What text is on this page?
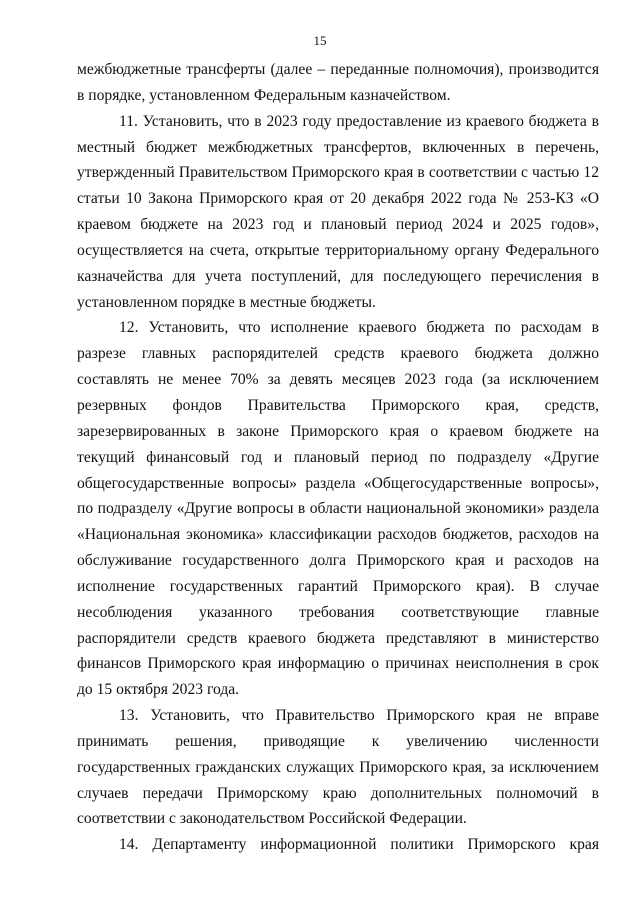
15

межбюджетные трансферты (далее – переданные полномочия), производится в порядке, установленном Федеральным казначейством.

11. Установить, что в 2023 году предоставление из краевого бюджета в местный бюджет межбюджетных трансфертов, включенных в перечень, утвержденный Правительством Приморского края в соответствии с частью 12 статьи 10 Закона Приморского края от 20 декабря 2022 года № 253-КЗ «О краевом бюджете на 2023 год и плановый период 2024 и 2025 годов», осуществляется на счета, открытые территориальному органу Федерального казначейства для учета поступлений, для последующего перечисления в установленном порядке в местные бюджеты.

12. Установить, что исполнение краевого бюджета по расходам в разрезе главных распорядителей средств краевого бюджета должно составлять не менее 70% за девять месяцев 2023 года (за исключением резервных фондов Правительства Приморского края, средств, зарезервированных в законе Приморского края о краевом бюджете на текущий финансовый год и плановый период по подразделу «Другие общегосударственные вопросы» раздела «Общегосударственные вопросы», по подразделу «Другие вопросы в области национальной экономики» раздела «Национальная экономика» классификации расходов бюджетов, расходов на обслуживание государственного долга Приморского края и расходов на исполнение государственных гарантий Приморского края). В случае несоблюдения указанного требования соответствующие главные распорядители средств краевого бюджета представляют в министерство финансов Приморского края информацию о причинах неисполнения в срок до 15 октября 2023 года.

13. Установить, что Правительство Приморского края не вправе принимать решения, приводящие к увеличению численности государственных гражданских служащих Приморского края, за исключением случаев передачи Приморскому краю дополнительных полномочий в соответствии с законодательством Российской Федерации.

14. Департаменту информационной политики Приморского края
